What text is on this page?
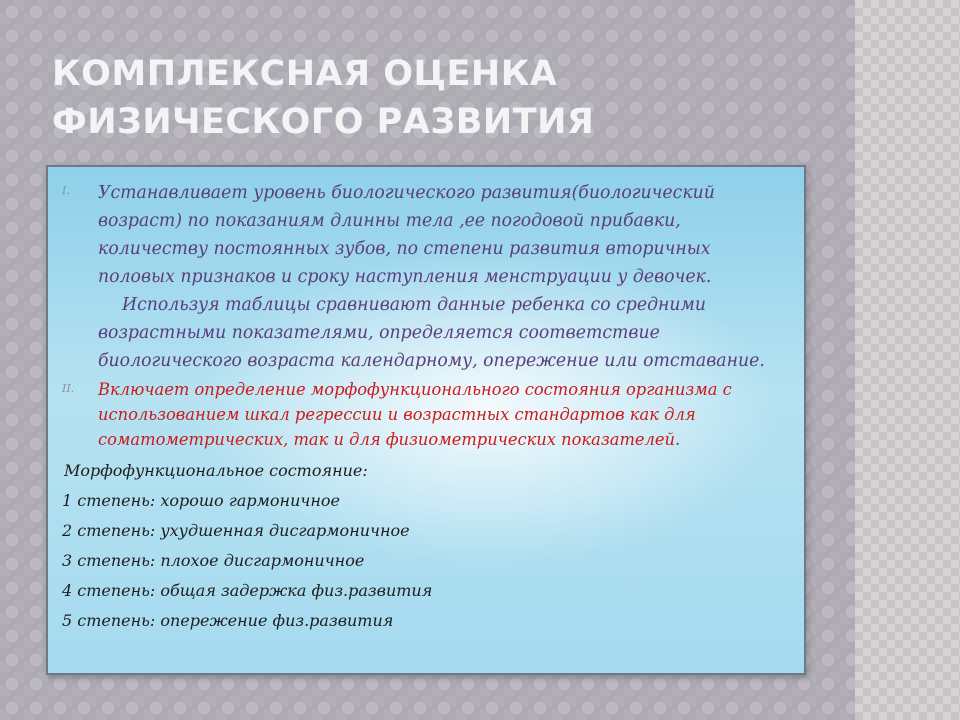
КОМПЛЕКСНАЯ ОЦЕНКА ФИЗИЧЕСКОГО РАЗВИТИЯ
I.	Устанавливает уровень биологического развития(биологический возраст) по показаниям длинны тела ,ее погодовой прибавки, количеству постоянных зубов, по степени развития вторичных половых признаков и сроку наступления менструации у девочек.
Используя таблицы сравнивают данные ребенка со средними возрастными показателями, определяется соответствие биологического возраста календарному, опережение или отставание.
II.	Включает определение морфофункционального состояния организма с использованием шкал регрессии и возрастных стандартов как для соматометрических, так и для физиометрических показателей.
Морфофункциональное состояние:
1 степень: хорошо гармоничное
2 степень: ухудшенная дисгармоничное
3 степень: плохое дисгармоничное
4 степень: общая задержка физ.развития
5 степень: опережение физ.развития
